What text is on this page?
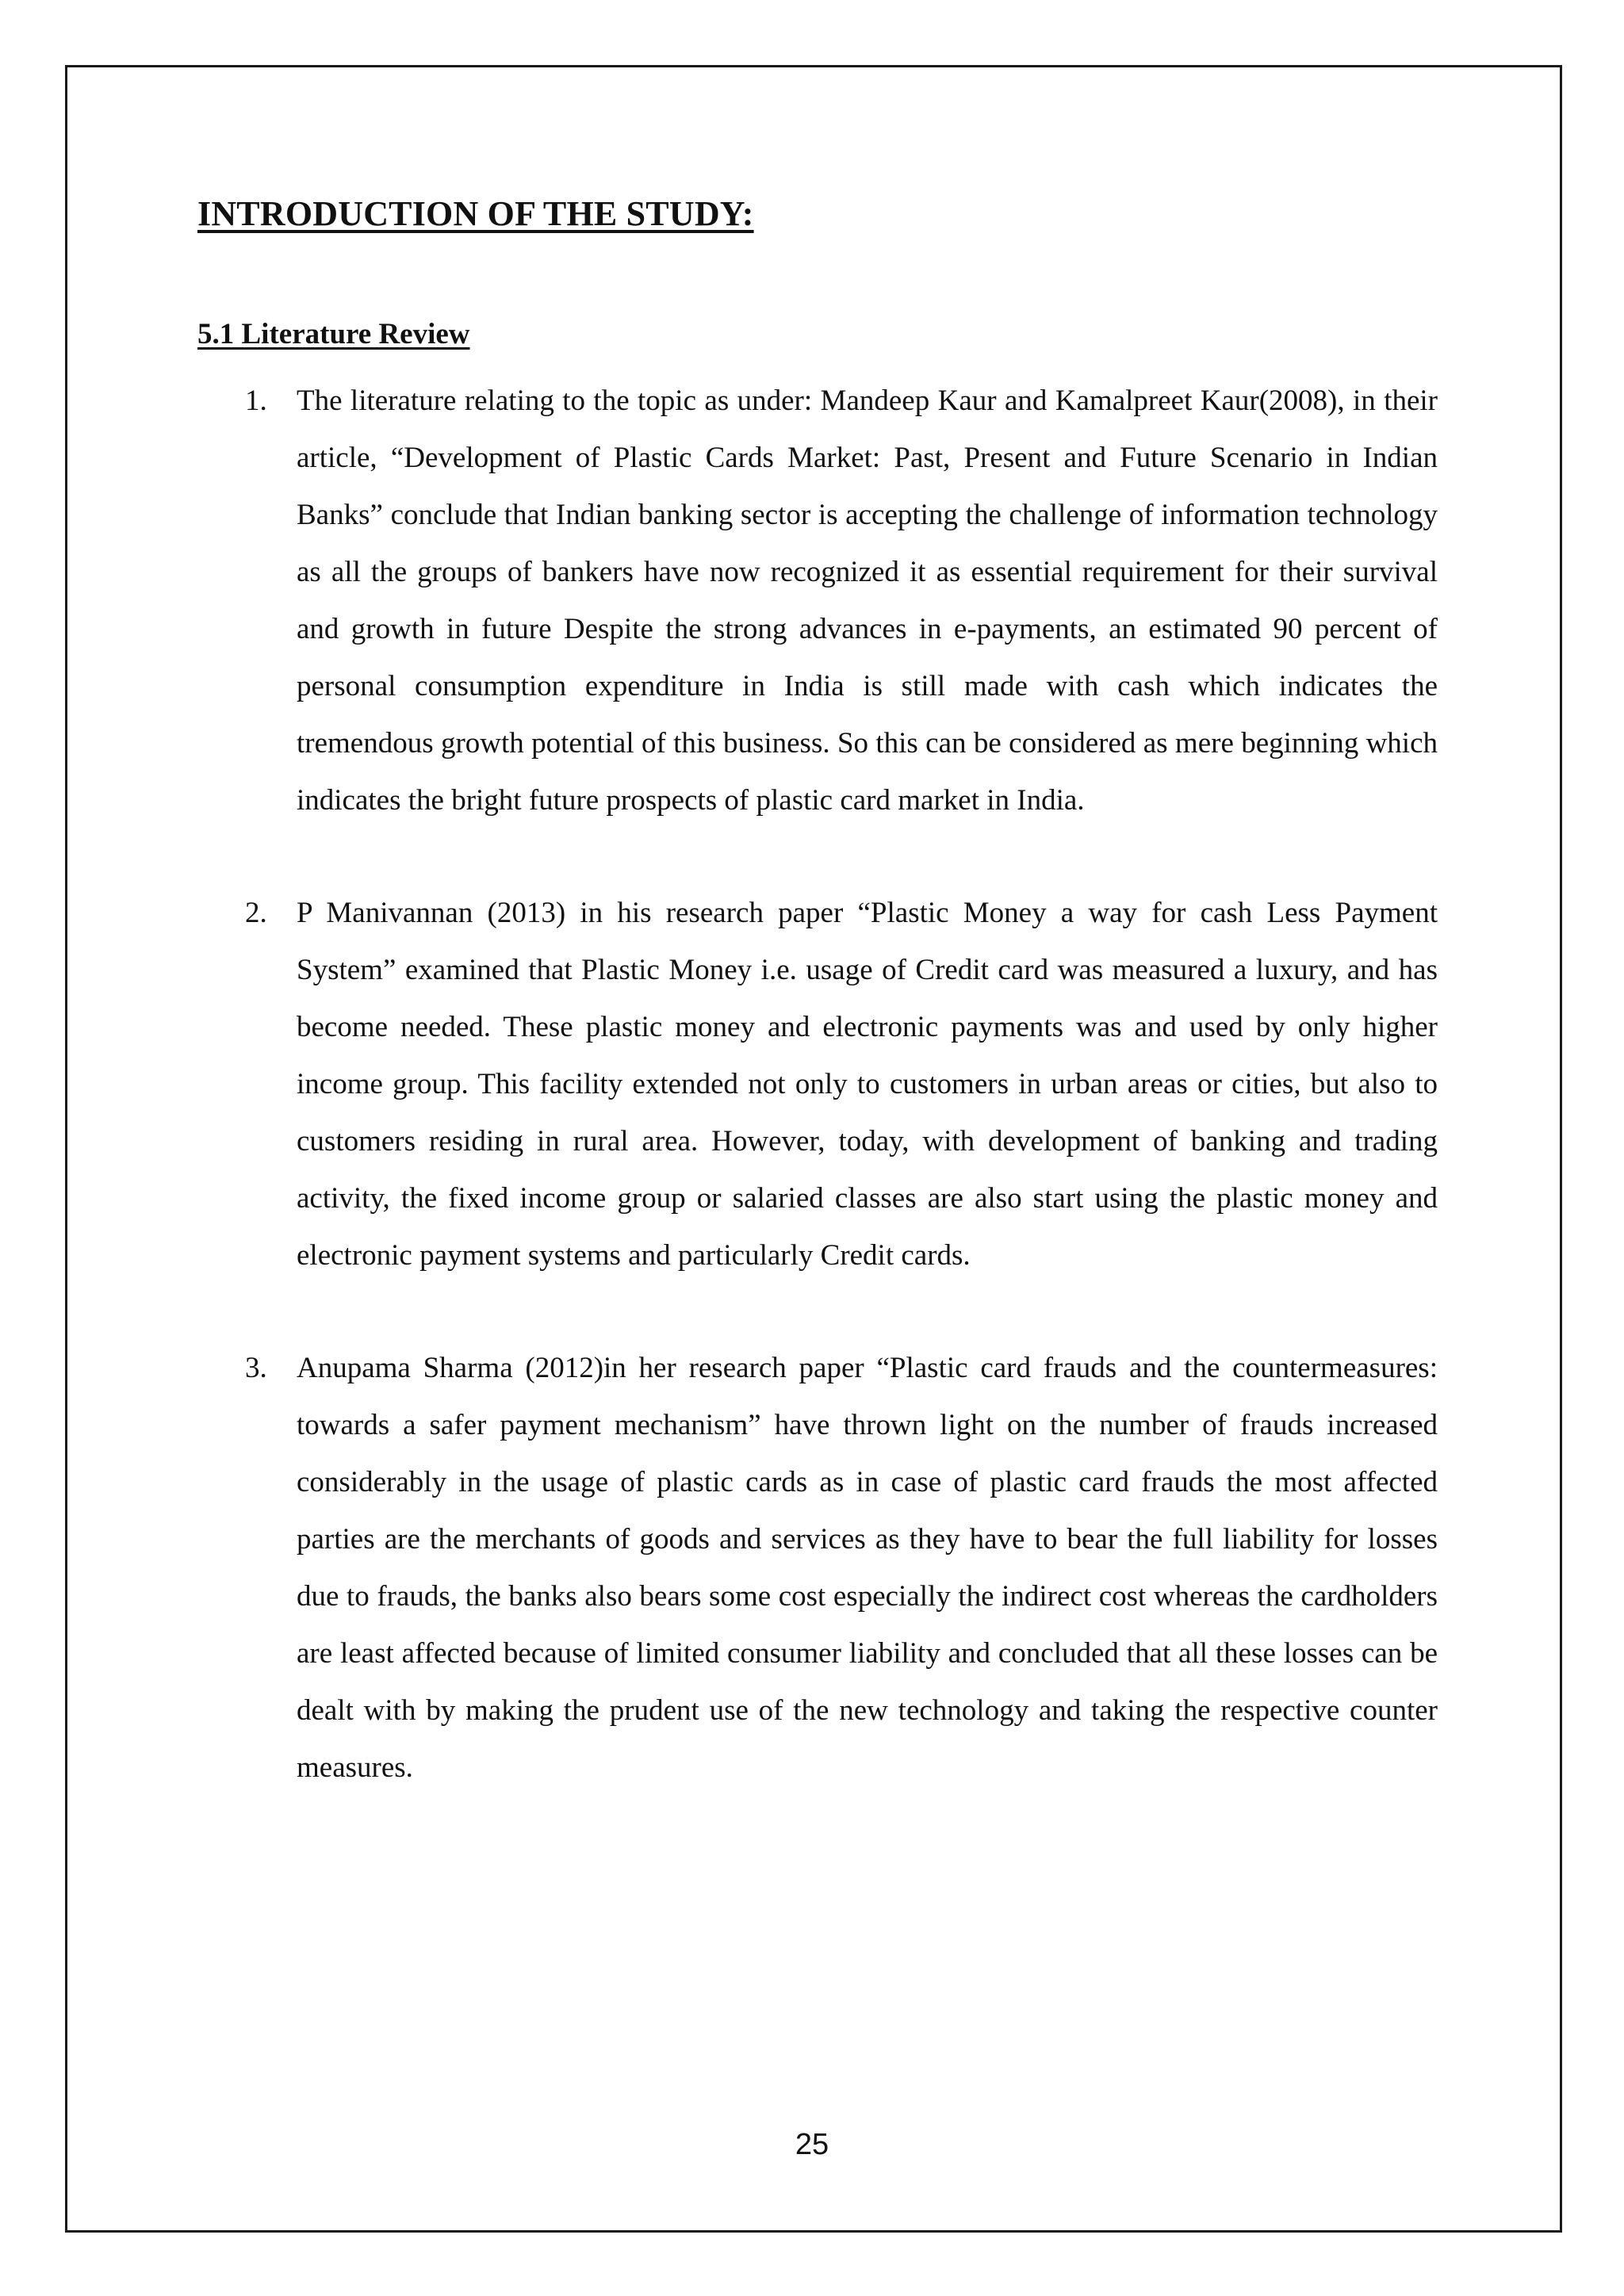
INTRODUCTION OF THE STUDY:
5.1 Literature Review
1. The literature relating to the topic as under: Mandeep Kaur and Kamalpreet Kaur(2008), in their article, “Development of Plastic Cards Market: Past, Present and Future Scenario in Indian Banks” conclude that Indian banking sector is accepting the challenge of information technology as all the groups of bankers have now recognized it as essential requirement for their survival and growth in future Despite the strong advances in e-payments, an estimated 90 percent of personal consumption expenditure in India is still made with cash which indicates the tremendous growth potential of this business. So this can be considered as mere beginning which indicates the bright future prospects of plastic card market in India.

2. P Manivannan (2013) in his research paper “Plastic Money a way for cash Less Payment System” examined that Plastic Money i.e. usage of Credit card was measured a luxury, and has become needed. These plastic money and electronic payments was and used by only higher income group. This facility extended not only to customers in urban areas or cities, but also to customers residing in rural area. However, today, with development of banking and trading activity, the fixed income group or salaried classes are also start using the plastic money and electronic payment systems and particularly Credit cards.

3. Anupama Sharma (2012)in her research paper “Plastic card frauds and the countermeasures: towards a safer payment mechanism” have thrown light on the number of frauds increased considerably in the usage of plastic cards as in case of plastic card frauds the most affected parties are the merchants of goods and services as they have to bear the full liability for losses due to frauds, the banks also bears some cost especially the indirect cost whereas the cardholders are least affected because of limited consumer liability and concluded that all these losses can be dealt with by making the prudent use of the new technology and taking the respective counter measures.

25
